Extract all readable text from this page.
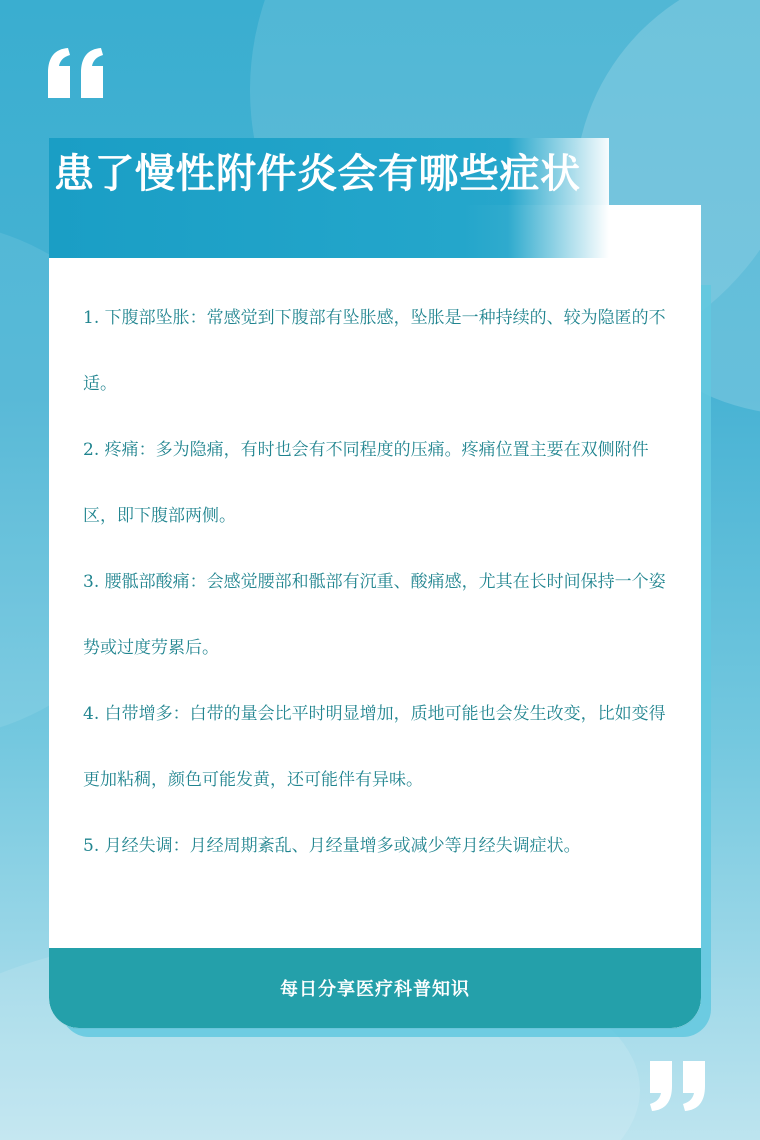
患了慢性附件炎会有哪些症状

1. 下腹部坠胀：常感觉到下腹部有坠胀感，坠胀是一种持续的、较为隐匿的不适。

2. 疼痛：多为隐痛，有时也会有不同程度的压痛。疼痛位置主要在双侧附件区，即下腹部两侧。

3. 腰骶部酸痛：会感觉腰部和骶部有沉重、酸痛感，尤其在长时间保持一个姿势或过度劳累后。

4. 白带增多：白带的量会比平时明显增加，质地可能也会发生改变，比如变得更加粘稠，颜色可能发黄，还可能伴有异味。

5. 月经失调：月经周期紊乱、月经量增多或减少等月经失调症状。

每日分享医疗科普知识
